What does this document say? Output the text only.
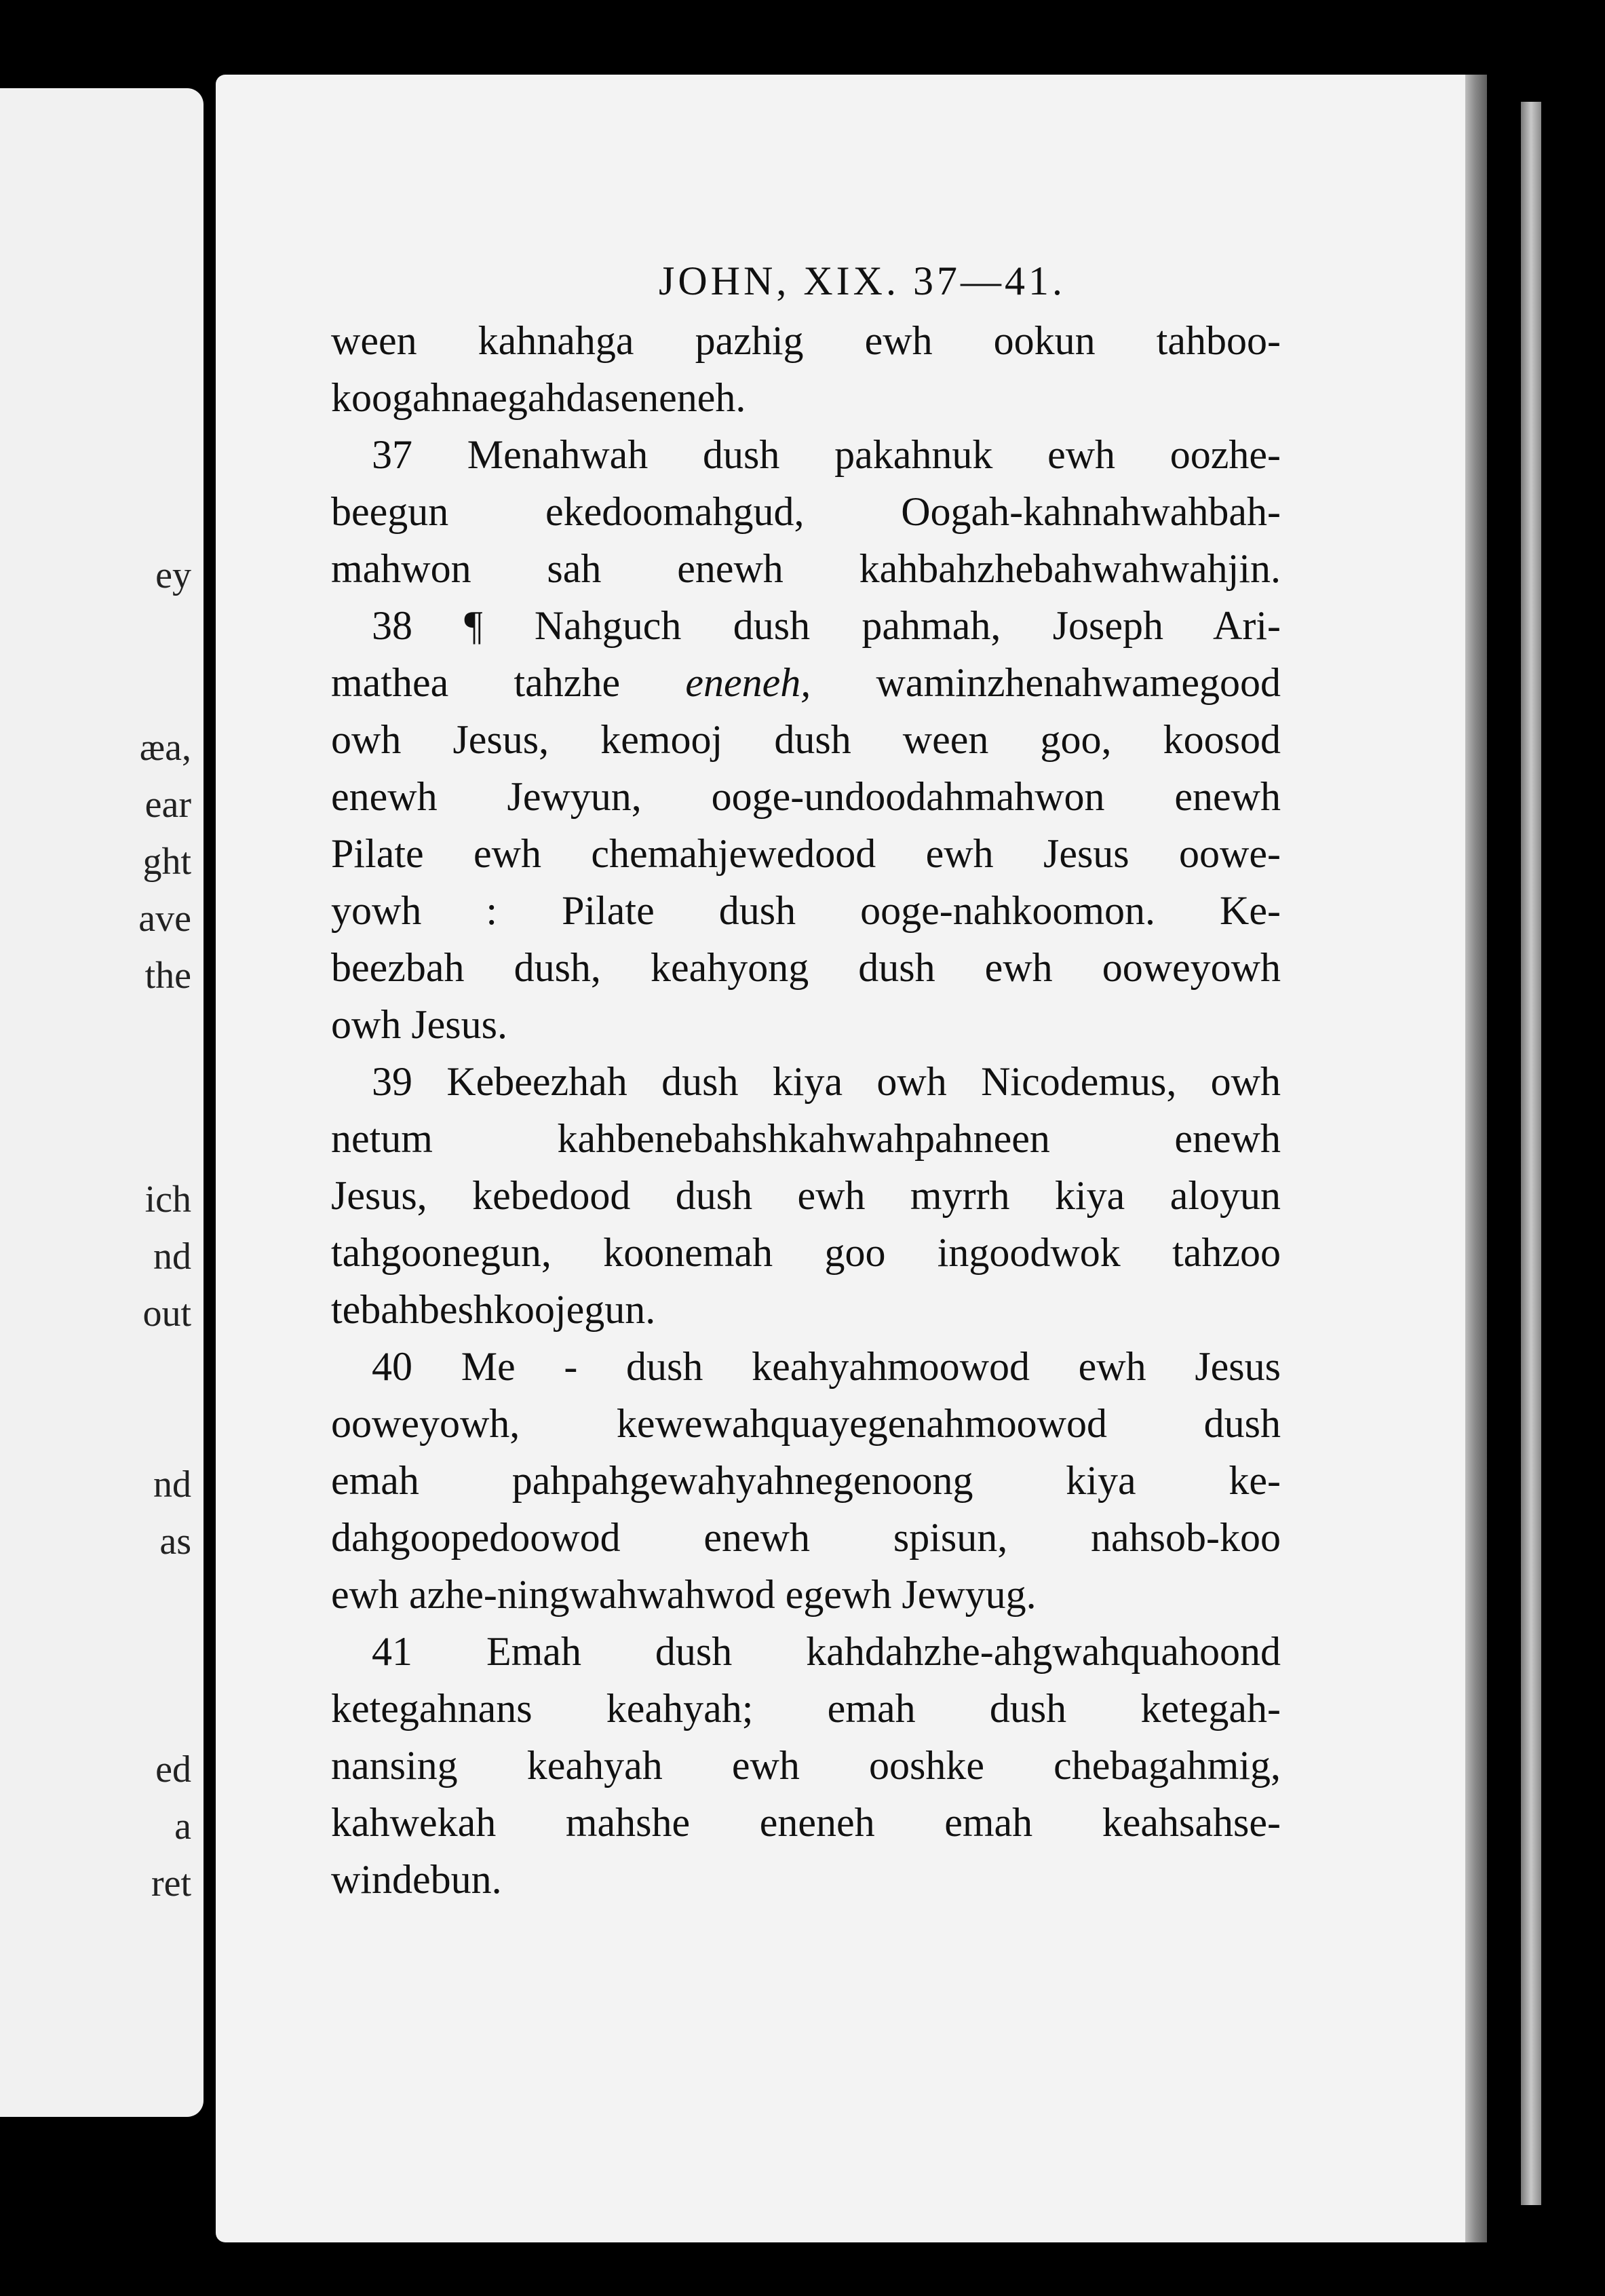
ey
æa,
ear
ght
ave
the
ich
nd
out
nd
as
ed
a
ret
JOHN, XIX. 37—41.
ween kahnahga pazhig ewh ookun tahboo-
koogahnaegahdaseneneh.
37 Menahwah dush pakahnuk ewh oozhe-
beegun ekedoomahgud, Oogah-kahnahwahbah-
mahwon sah enewh kahbahzhebahwahwahjin.
38 ¶ Nahguch dush pahmah, Joseph Ari-
mathea tahzhe eneneh, waminzhenahwamegood
owh Jesus, kemooj dush ween goo, koosod
enewh Jewyun, ooge-undoodahmahwon enewh
Pilate ewh chemahjewedood ewh Jesus oowe-
yowh : Pilate dush ooge-nahkoomon. Ke-
beezbah dush, keahyong dush ewh ooweyowh
owh Jesus.
39 Kebeezhah dush kiya owh Nicodemus, owh
netum kahbenebahshkahwahpahneen enewh
Jesus, kebedood dush ewh myrrh kiya aloyun
tahgoonegun, koonemah goo ingoodwok tahzoo
tebahbeshkoojegun.
40 Me - dush keahyahmoowod ewh Jesus
ooweyowh, kewewahquayegenahmoowod dush
emah pahpahgewahyahnegenoong kiya ke-
dahgoopedoowod enewh spisun, nahsob-koo
ewh azhe-ningwahwahwod egewh Jewyug.
41 Emah dush kahdahzhe-ahgwahquahoond
ketegahnans keahyah; emah dush ketegah-
nansing keahyah ewh ooshke chebagahmig,
kahwekah mahshe eneneh emah keahsahse-
windebun.
